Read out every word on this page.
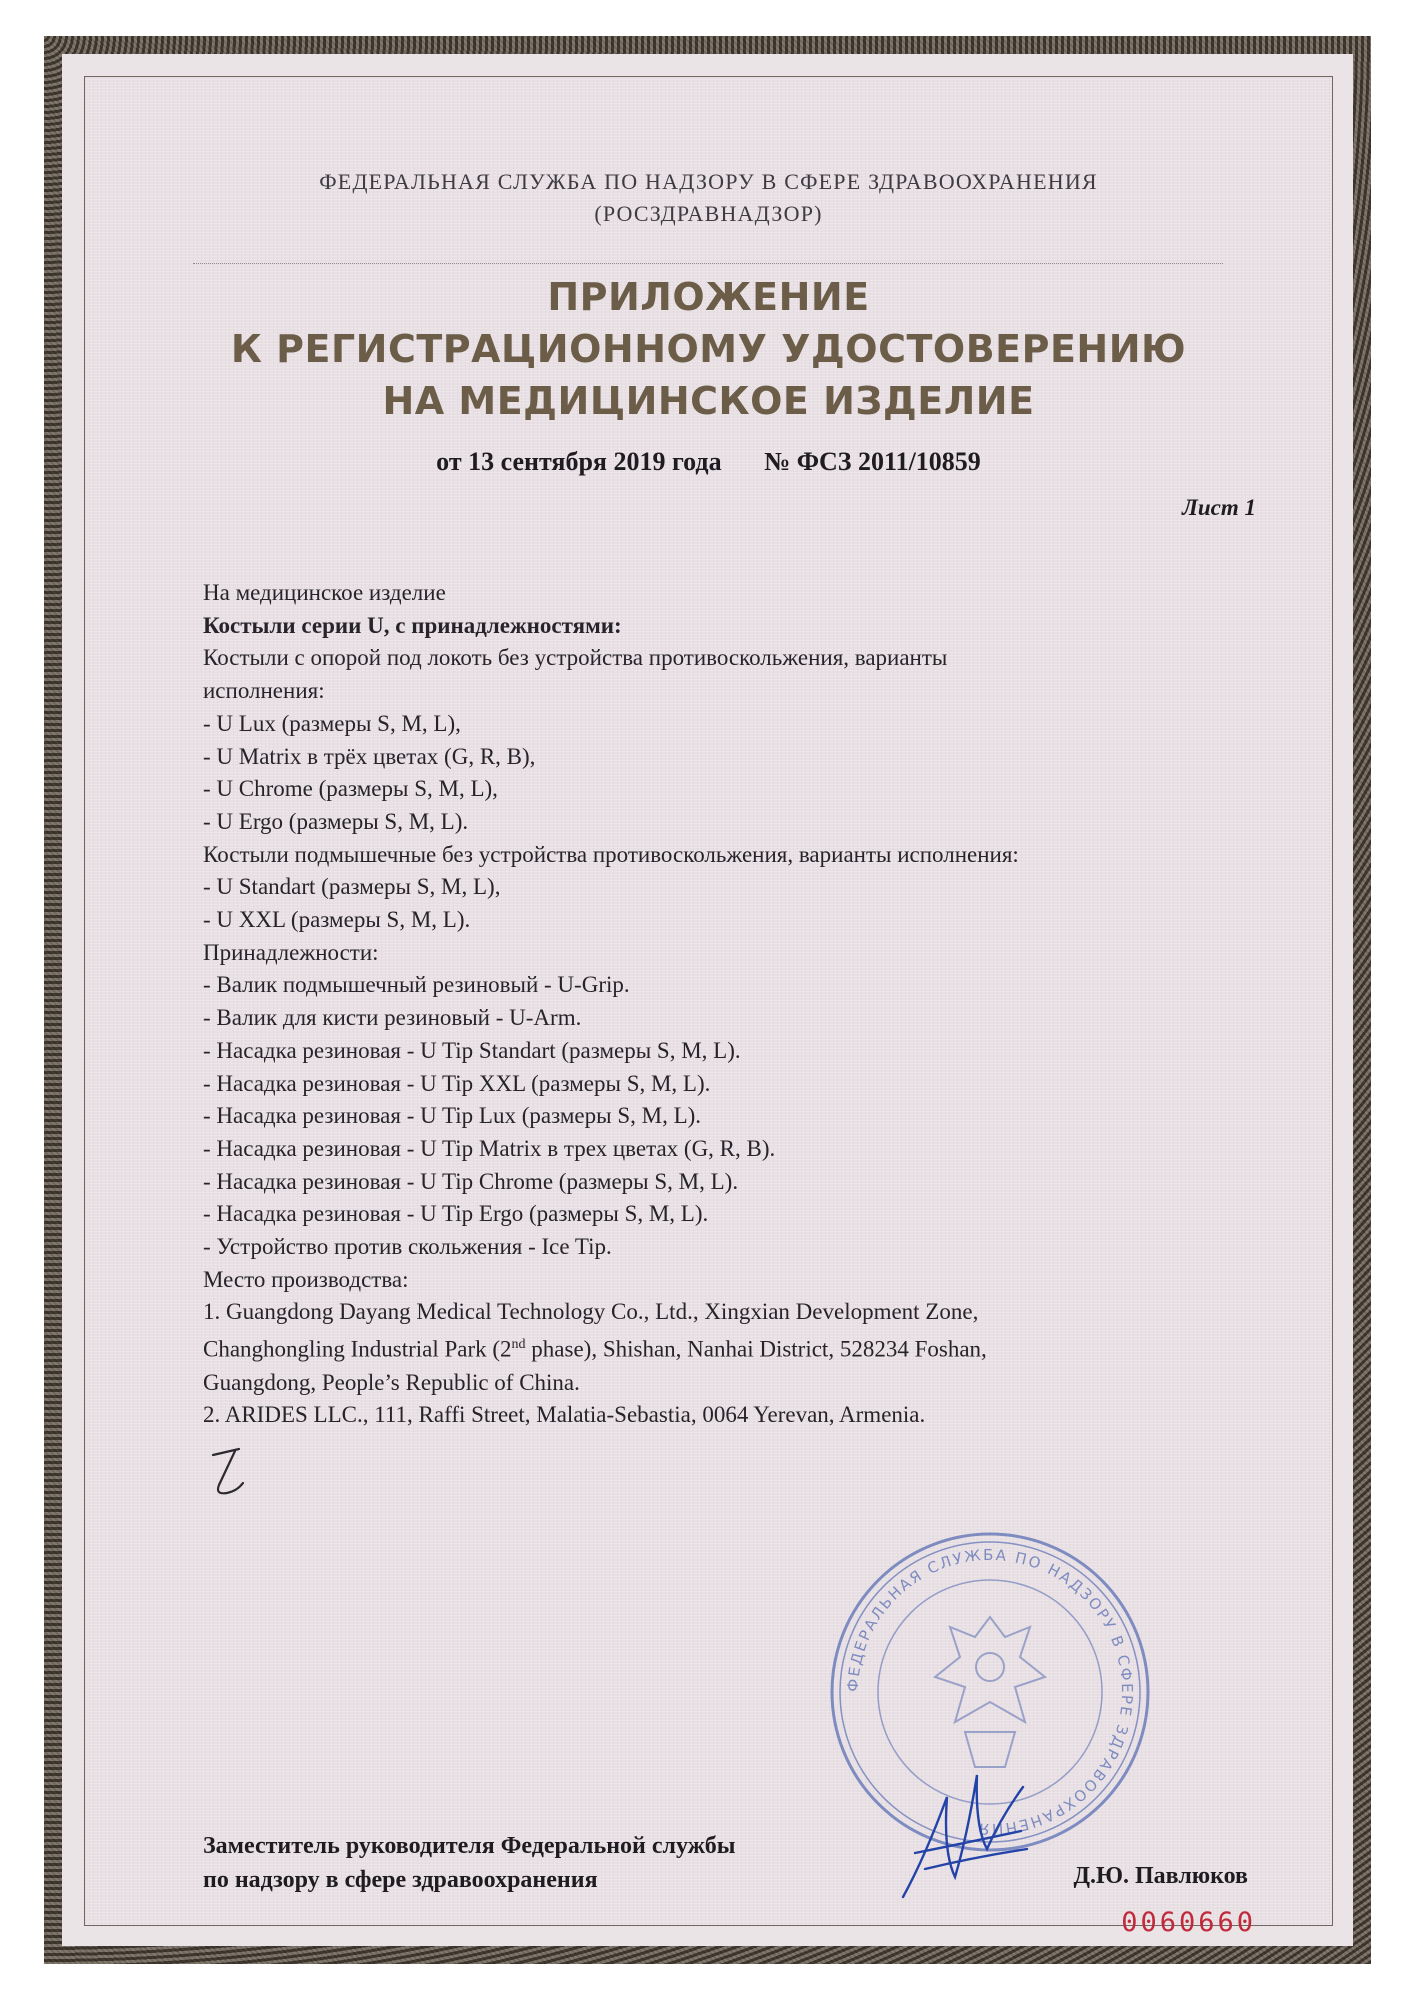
ФЕДЕРАЛЬНАЯ СЛУЖБА ПО НАДЗОРУ В СФЕРЕ ЗДРАВООХРАНЕНИЯ
(РОСЗДРАВНАДЗОР)
ПРИЛОЖЕНИЕ
К РЕГИСТРАЦИОННОМУ УДОСТОВЕРЕНИЮ
НА МЕДИЦИНСКОЕ ИЗДЕЛИЕ
от 13 сентября 2019 года № ФСЗ 2011/10859
Лист 1
На медицинское изделие
Костыли серии U, с принадлежностями:
Костыли с опорой под локоть без устройства противоскольжения, варианты
исполнения:
- U Lux (размеры S, M, L),
- U Matrix в трёх цветах (G, R, B),
- U Chrome (размеры S, M, L),
- U Ergo (размеры S, M, L).
Костыли подмышечные без устройства противоскольжения, варианты исполнения:
- U Standart (размеры S, M, L),
- U XXL (размеры S, M, L).
Принадлежности:
- Валик подмышечный резиновый - U-Grip.
- Валик для кисти резиновый - U-Arm.
- Насадка резиновая - U Tip Standart (размеры S, M, L).
- Насадка резиновая - U Tip XXL (размеры S, M, L).
- Насадка резиновая - U Tip Lux (размеры S, M, L).
- Насадка резиновая - U Tip Matrix в трех цветах (G, R, B).
- Насадка резиновая - U Tip Chrome (размеры S, M, L).
- Насадка резиновая - U Tip Ergo (размеры S, M, L).
- Устройство против скольжения - Ice Tip.
Место производства:
1. Guangdong Dayang Medical Technology Co., Ltd., Xingxian Development Zone,
Changhongling Industrial Park (2nd phase), Shishan, Nanhai District, 528234 Foshan,
Guangdong, People’s Republic of China.
2. ARIDES LLC., 111, Raffi Street, Malatia-Sebastia, 0064 Yerevan, Armenia.
ФЕДЕРАЛЬНАЯ СЛУЖБА ПО НАДЗОРУ В СФЕРЕ ЗДРАВООХРАНЕНИЯ
Заместитель руководителя Федеральной службы
по надзору в сфере здравоохранения	Д.Ю. Павлюков
0060660
